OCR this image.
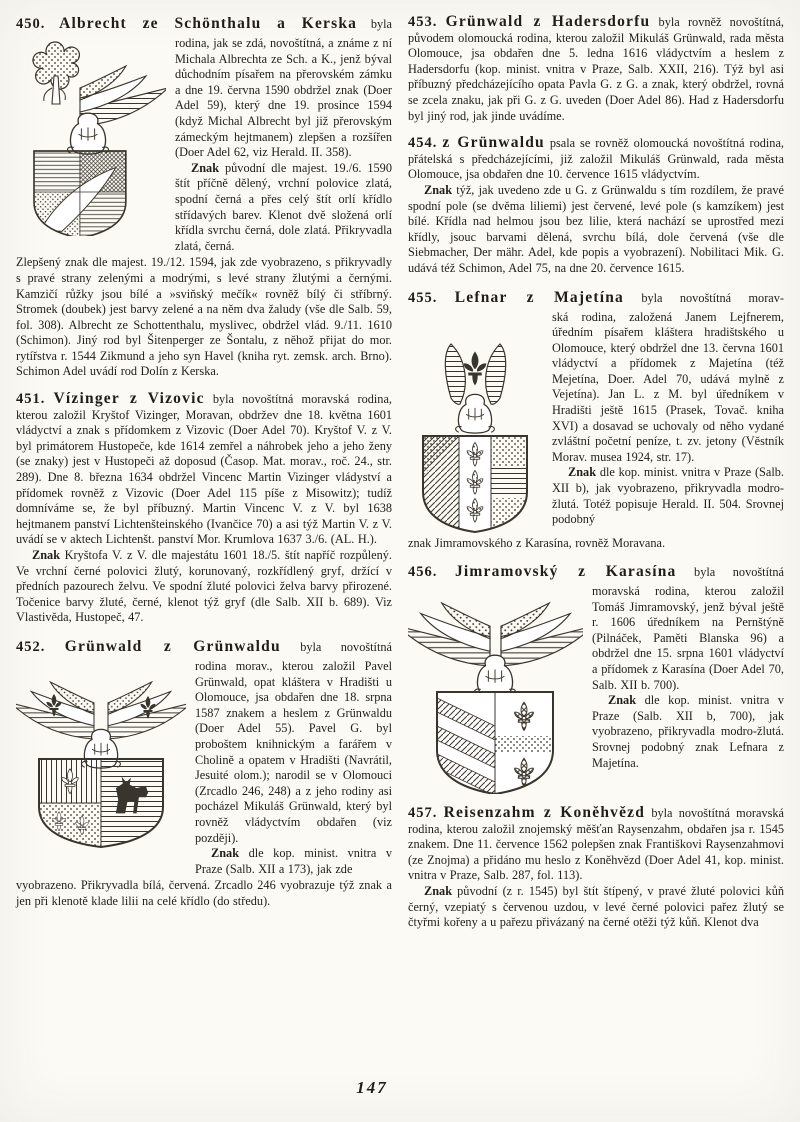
450. Albrecht ze Schönthalu a Kerska byla

rodina, jak se zdá, novoštítná, a známe z ní Michala Albrechta ze Sch. a K., jenž býval důchodním písařem na přerovském zámku a dne 19. června 1590 obdržel znak (Doer Adel 59), který dne 19. prosince 1594 (když Michal Albrecht byl již přerovským zámeckým hejtmanem) zlepšen a rozšířen (Doer Adel 62, viz Herald. II. 358).

Znak původní dle majest. 19./6. 1590 štít příčně dělený, vrchní polovice zlatá, spodní černá a přes celý štít orlí křídlo střídavých barev. Klenot dvě složená orlí křídla svrchu černá, dole zlatá. Přikryvadla zlatá, černá.

Zlepšený znak dle majest. 19./12. 1594, jak zde vyobrazeno, s přikryvadly s pravé strany zelenými a modrými, s levé strany žlutými a černými. Kamzičí růžky jsou bílé a »sviňský mečík« rovněž bílý či stříbrný. Stromek (doubek) jest barvy zelené a na něm dva žaludy (vše dle Salb. 59, fol. 308). Albrecht ze Schottenthalu, myslivec, obdržel vlád. 9./11. 1610 (Schimon). Jiný rod byl Šitenperger ze Šontalu, z něhož přijat do mor. rytířstva r. 1544 Zikmund a jeho syn Havel (kniha ryt. zemsk. arch. Brno). Schimon Adel uvádí rod Dolín z Kerska.

451. Vízinger z Vizovic byla novoštítná moravská rodina, kterou založil Kryštof Vizinger, Moravan, obdržev dne 18. května 1601 vládyctví a znak s přídomkem z Vizovic (Doer Adel 70). Kryštof V. z V. byl primátorem Hustopeče, kde 1614 zemřel a náhrobek jeho a jeho ženy (se znaky) jest v Hustopeči až doposud (Časop. Mat. morav., roč. 24., str. 289). Dne 8. března 1634 obdržel Vincenc Martin Vizinger vládyství a přídomek rovněž z Vizovic (Doer Adel 115 píše z Misowitz); tudíž domníváme se, že byl příbuzný. Martin Vincenc V. z V. byl 1638 hejtmanem panství Lichtenšteinského (Ivančice 70) a asi týž Martin V. z V. uvádí se v aktech Lichtenšt. panství Mor. Krumlova 1637 3./6. (AL. H.).

Znak Kryštofa V. z V. dle majestátu 1601 18./5. štít napříč rozpůlený. Ve vrchní černé polovici žlutý, korunovaný, rozkřídlený gryf, držící v předních pazourech želvu. Ve spodní žluté polovici želva barvy přirozené. Točenice barvy žluté, černé, klenot týž gryf (dle Salb. XII b. 689). Viz Vlastivěda, Hustopeč, 47.

452. Grünwald z Grünwaldu byla novoštítná

rodina morav., kterou založil Pavel Grünwald, opat kláštera v Hradišti u Olomouce, jsa obdařen dne 18. srpna 1587 znakem a heslem z Grünwaldu (Doer Adel 55). Pavel G. byl proboštem knihnickým a farářem v Cholině a opatem v Hradišti (Navrátil, Jesuité olom.); narodil se v Olomouci (Zrcadlo 246, 248) a z jeho rodiny asi pocházel Mikuláš Grünwald, který byl rovněž vládyctvím obdařen (viz později).

Znak dle kop. minist. vnitra v Praze (Salb. XII a 173), jak zde

vyobrazeno. Přikryvadla bílá, červená. Zrcadlo 246 vyobrazuje týž znak a jen při klenotě klade lilii na celé křídlo (do středu).

453. Grünwald z Hadersdorfu byla rovněž novoštítná, původem olomoucká rodina, kterou založil Mikuláš Grünwald, rada města Olomouce, jsa obdařen dne 5. ledna 1616 vládyctvím a heslem z Hadersdorfu (kop. minist. vnitra v Praze, Salb. XXII, 216). Týž byl asi příbuzný předcházejícího opata Pavla G. z G. a znak, který obdržel, rovná se zcela znaku, jak při G. z G. uveden (Doer Adel 86). Had z Hadersdorfu byl jiný rod, jak jinde uvádíme.

454. z Grünwaldu psala se rovněž olomoucká novoštítná rodina, přátelská s předcházejícími, již založil Mikuláš Grünwald, rada města Olomouce, jsa obdařen dne 10. července 1615 vládyctvím.

Znak týž, jak uvedeno zde u G. z Grünwaldu s tím rozdílem, že pravé spodní pole (se dvěma liliemi) jest červené, levé pole (s kamzíkem) jest bílé. Křídla nad helmou jsou bez lilie, která nachází se uprostřed mezi křídly, jsouc barvami dělená, svrchu bílá, dole červená (vše dle Siebmacher, Der mähr. Adel, kde popis a vyobrazení). Nobilitaci Mik. G. udává též Schimon, Adel 75, na dne 20. července 1615.

455. Lefnar z Majetína byla novoštítná morav-

ská rodina, založená Janem Lejfnerem, úředním písařem kláštera hradištského u Olomouce, který obdržel dne 13. června 1601 vládyctví a přídomek z Majetína (též Mejetína, Doer. Adel 70, udává mylně z Vejetína). Jan L. z M. byl úředníkem v Hradišti ještě 1615 (Prasek, Tovač. kniha XVI) a dosavad se uchovaly od něho vydané zvláštní početní peníze, t. zv. jetony (Věstník Morav. musea 1924, str. 17).

Znak dle kop. minist. vnitra v Praze (Salb. XII b), jak vyobrazeno, přikryvadla modro-žlutá. Totéž popisuje Herald. II. 504. Srovnej podobný

znak Jimramovského z Karasína, rovněž Moravana.

456. Jimramovský z Karasína byla novoštítná

moravská rodina, kterou založil Tomáš Jimramovský, jenž býval ještě r. 1606 úředníkem na Pernštýně (Pilnáček, Paměti Blanska 96) a obdržel dne 15. srpna 1601 vládyctví a přídomek z Karasína (Doer Adel 70, Salb. XII b. 700).

Znak dle kop. minist. vnitra v Praze (Salb. XII b, 700), jak vyobrazeno, přikryvadla modro-žlutá. Srovnej podobný znak Lefnara z Majetína.

457. Reisenzahm z Koněhvězd byla novoštítná moravská rodina, kterou založil znojemský měšťan Raysenzahm, obdařen jsa r. 1545 znakem. Dne 11. července 1562 polepšen znak Františkovi Raysenzahmovi (ze Znojma) a přidáno mu heslo z Koněhvězd (Doer Adel 41, kop. minist. vnitra v Praze, Salb. 287, fol. 113).

Znak původní (z r. 1545) byl štít štípený, v pravé žluté polovici kůň černý, vzepiatý s červenou uzdou, v levé černé polovici pařez žlutý se čtyřmi kořeny a u pařezu přivázaný na černé otěži týž kůň. Klenot dva

147
